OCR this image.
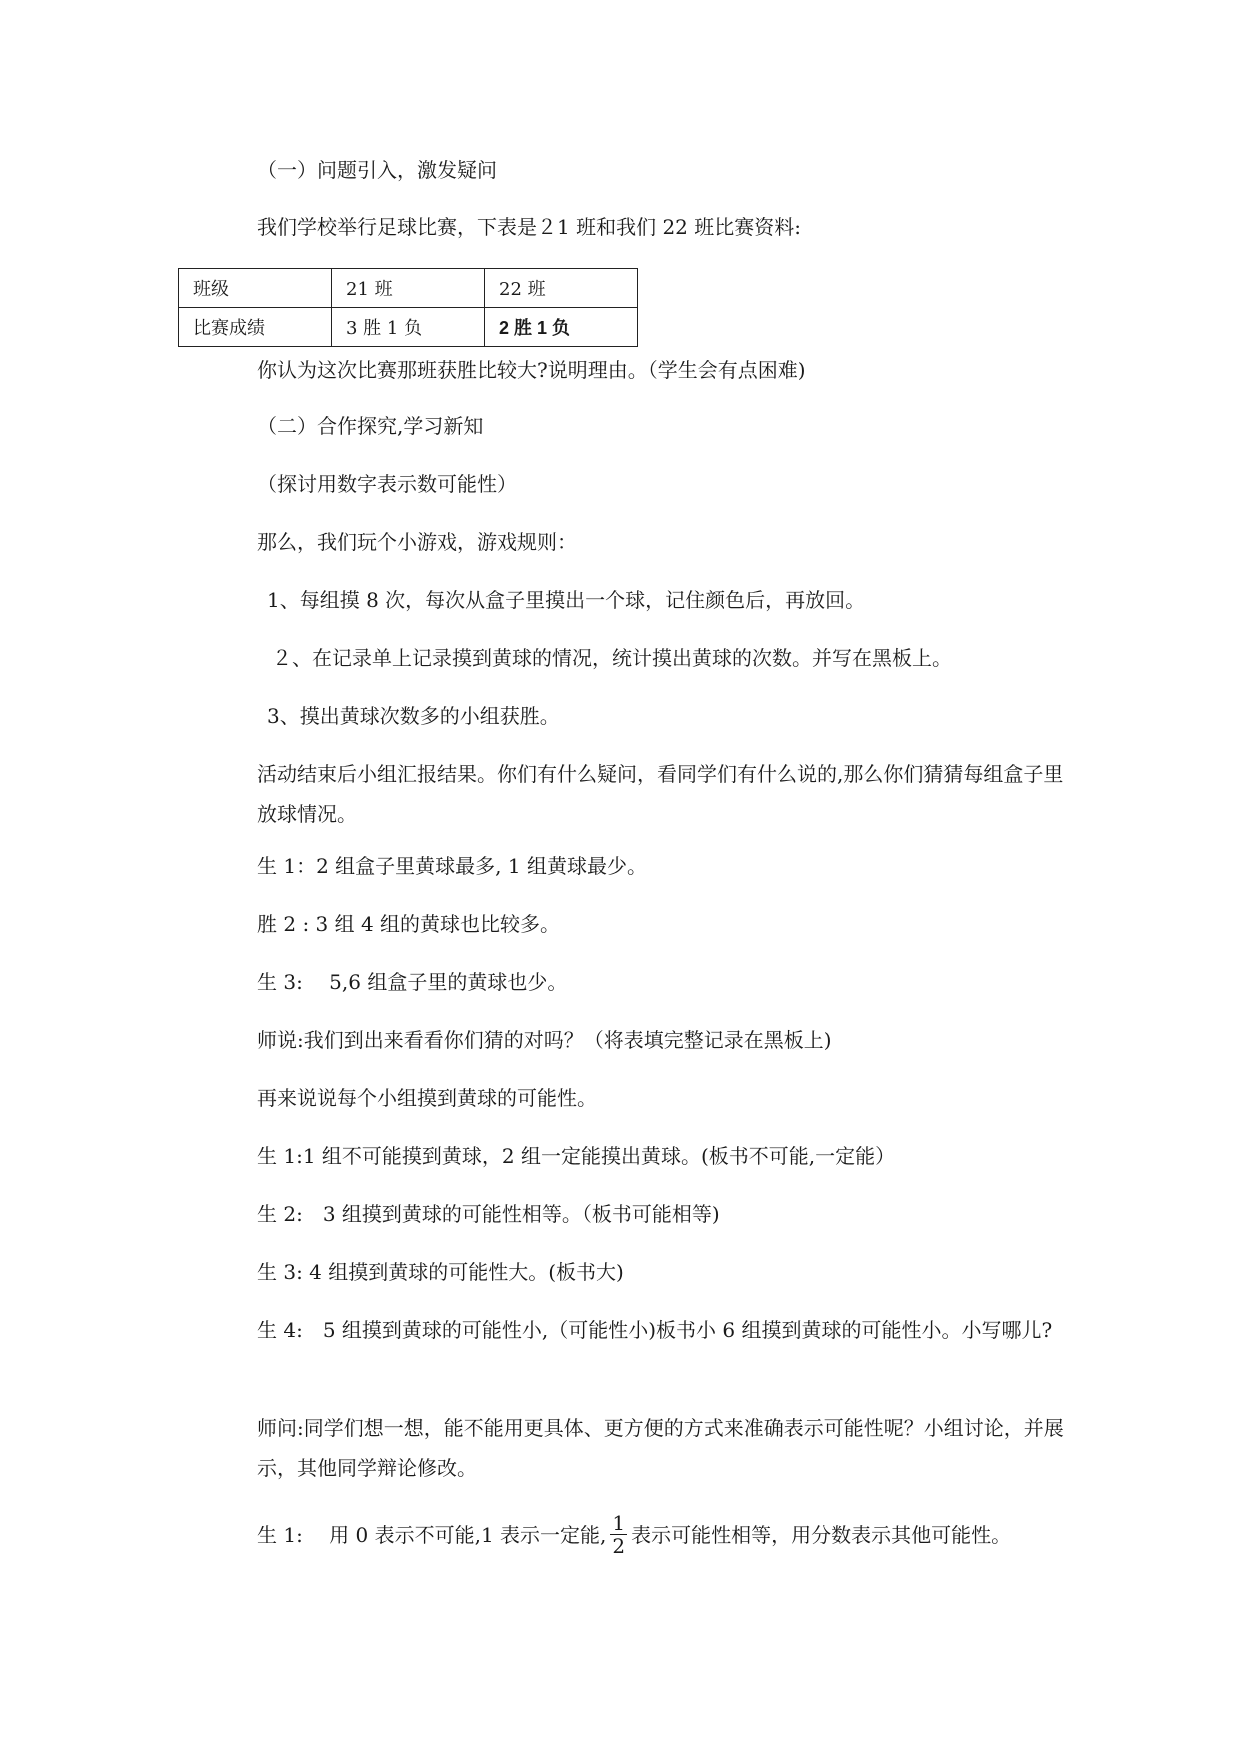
（一）问题引入，激发疑问
我们学校举行足球比赛，下表是２1 班和我们 22 班比赛资料:
班级	21 班	22 班
比赛成绩	3 胜 1 负	2 胜 1 负
你认为这次比赛那班获胜比较大?说明理由。（学生会有点困难)
（二）合作探究,学习新知
（探讨用数字表示数可能性）
那么，我们玩个小游戏，游戏规则：
1、每组摸 8 次，每次从盒子里摸出一个球，记住颜色后，再放回。
２、在记录单上记录摸到黄球的情况，统计摸出黄球的次数。并写在黑板上。
3、摸出黄球次数多的小组获胜。
活动结束后小组汇报结果。你们有什么疑问，看同学们有什么说的,那么你们猜猜每组盒子里放球情况。
生 1：2 组盒子里黄球最多, 1 组黄球最少。
胜 2 : 3 组 4 组的黄球也比较多。
生 3:　 5,6 组盒子里的黄球也少。
师说:我们到出来看看你们猜的对吗？（将表填完整记录在黑板上)
再来说说每个小组摸到黄球的可能性。
生 1:1 组不可能摸到黄球，2 组一定能摸出黄球。(板书不可能,一定能）
生 2:　3 组摸到黄球的可能性相等。（板书可能相等)
生 3: 4 组摸到黄球的可能性大。(板书大)
生 4:　5 组摸到黄球的可能性小,（可能性小)板书小 6 组摸到黄球的可能性小。小写哪儿?
师问:同学们想一想，能不能用更具体、更方便的方式来准确表示可能性呢？小组讨论，并展示，其他同学辩论修改。
生 1:　 用 0 表示不可能,1 表示一定能, $\frac{1}{2}$ 表示可能性相等，用分数表示其他可能性。
